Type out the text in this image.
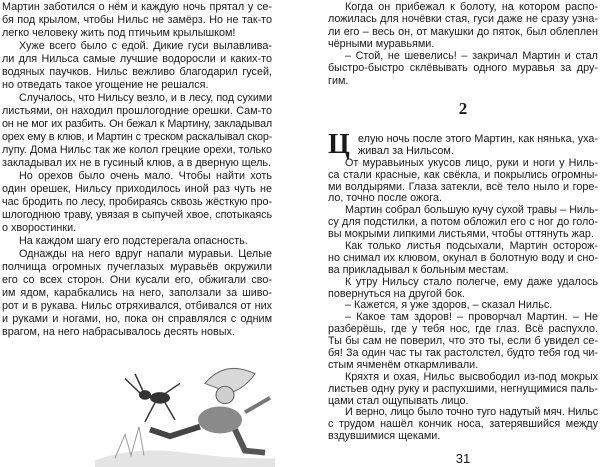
Мартин заботился о нём и каждую ночь прятал у се-
бя под крылом, чтобы Нильс не замёрз. Но не так-то
легко человеку жить под птичьим крылышком!
Хуже всего было с едой. Дикие гуси вылавлива-
ли для Нильса самые лучшие водоросли и каких-то
водяных паучков. Нильс вежливо благодарил гусей,
но отведать такое угощение не решался.
Случалось, что Нильсу везло, и в лесу, под сухими
листьями, он находил прошлогодние орешки. Сам-то
он не мог их разбить. Он бежал к Мартину, закладывал
орех ему в клюв, и Мартин с треском раскалывал скор-
лупу. Дома Нильс так же колол грецкие орехи, только
закладывал их не в гусиный клюв, а в дверную щель.
Но орехов было очень мало. Чтобы найти хоть
один орешек, Нильсу приходилось иной раз чуть не
час бродить по лесу, пробираясь сквозь жёсткую про-
шлогоднюю траву, увязая в сыпучей хвое, спотыкаясь
о хворостинки.
На каждом шагу его подстерегала опасность.
Однажды на него вдруг напали муравьи. Целые
полчища огромных пучеглазых муравьёв окружили
его со всех сторон. Они кусали его, обжигали сво-
им ядом, карабкались на него, заползали за шиво-
рот и в рукава. Нильс отряхивался, отбивался от них
и руками и ногами, но, пока он справлялся с одним
врагом, на него набрасывалось десять новых.
Когда он прибежал к болоту, на котором распо-
ложилась для ночёвки стая, гуси даже не сразу узна-
ли его – весь он, от макушки до пяток, был облеплен
чёрными муравьями.
– Стой, не шевелись! – закричал Мартин и стал
быстро-быстро склёвывать одного муравья за дру-
гим.
2
Ц елую ночь после этого Мартин, как нянька, уха-
живал за Нильсом.
От муравьиных укусов лицо, руки и ноги у Ниль-
са стали красные, как свёкла, и покрылись огромны-
ми волдырями. Глаза затекли, всё тело ныло и горе-
ло, точно после ожога.
Мартин собрал большую кучу сухой травы – Ниль-
су для подстилки, а потом обложил его с ног до голо-
вы мокрыми липкими листьями, чтобы оттянуть жар.
Как только листья подсыхали, Мартин осторож-
но снимал их клювом, окунал в болотную воду и сно-
ва прикладывал к больным местам.
К утру Нильсу стало полегче, ему даже удалось
повернуться на другой бок.
– Кажется, я уже здоров, – сказал Нильс.
– Какое там здоров! – проворчал Мартин. – Не
разберёшь, где у тебя нос, где глаз. Всё распухло.
Ты бы сам не поверил, что это ты, если б увидел се-
бя! За один час ты так растолстел, будто тебя год чи-
стым ячменём откармливали.
Кряхтя и охая, Нильс высвободил из-под мокрых
листьев одну руку и распухшими, негнущимися паль-
цами стал ощупывать лицо.
И верно, лицо было точно туго надутый мяч. Нильс
с трудом нашёл кончик носа, затерявшийся между
вздувшимися щеками.
31
